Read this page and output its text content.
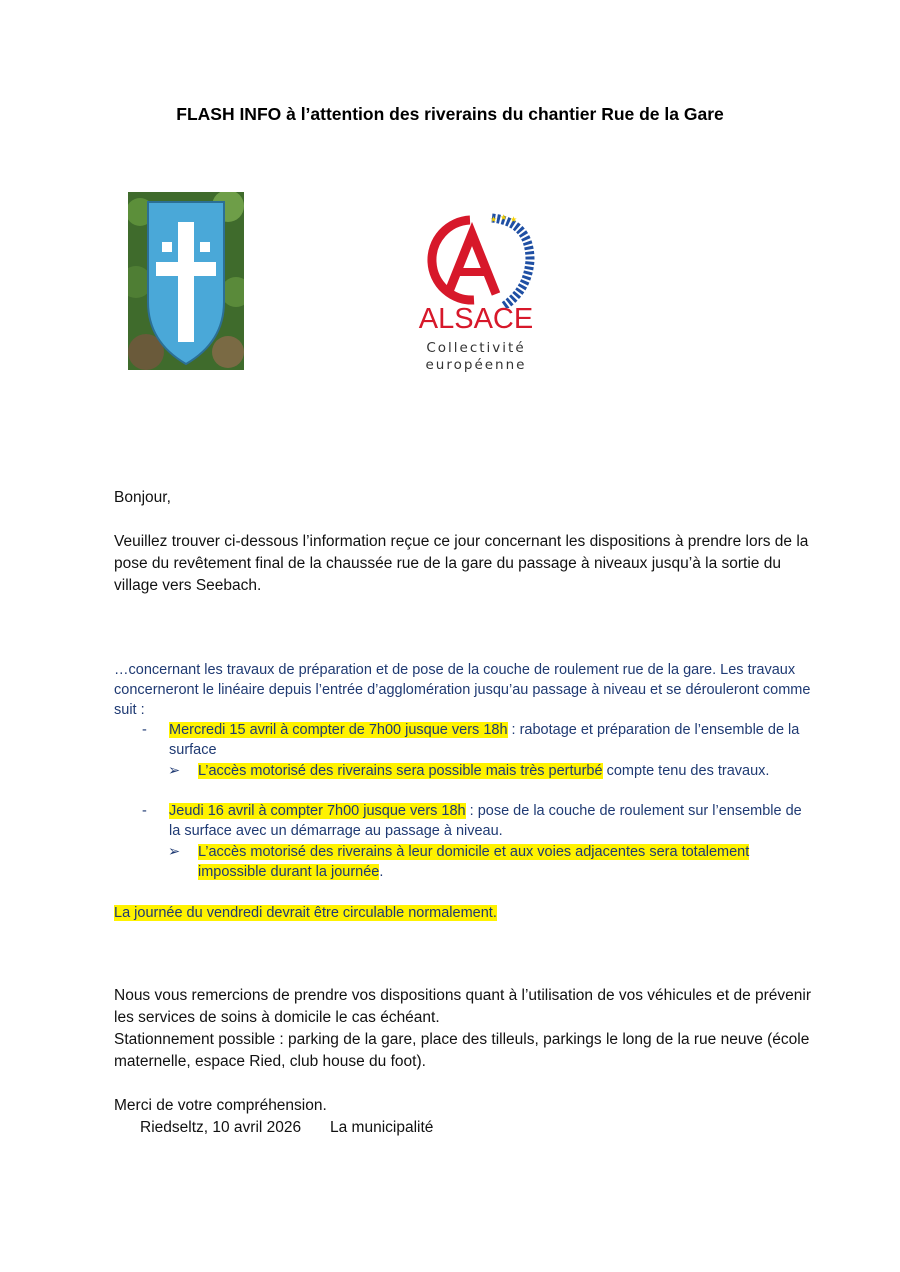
FLASH INFO à l’attention des riverains du chantier Rue de la Gare
★ ★ ★
ALSACE
Collectivité
européenne
Bonjour,
Veuillez trouver ci-dessous l’information reçue ce jour concernant les dispositions à prendre lors de la pose du revêtement final de la chaussée rue de la gare du passage à niveaux jusqu’à la sortie du village vers Seebach.
…concernant les travaux de préparation et de pose de la couche de roulement rue de la gare. Les travaux concerneront le linéaire depuis l’entrée d’agglomération jusqu’au passage à niveau et se dérouleront comme suit :
- Mercredi 15 avril à compter de 7h00 jusque vers 18h : rabotage et préparation de l’ensemble de la surface
➢ L’accès motorisé des riverains sera possible mais très perturbé compte tenu des travaux.
- Jeudi 16 avril à compter 7h00 jusque vers 18h : pose de la couche de roulement sur l’ensemble de la surface avec un démarrage au passage à niveau.
➢ L’accès motorisé des riverains à leur domicile et aux voies adjacentes sera totalement impossible durant la journée.
La journée du vendredi devrait être circulable normalement.
Nous vous remercions de prendre vos dispositions quant à l’utilisation de vos véhicules et de prévenir les services de soins à domicile le cas échéant.
Stationnement possible : parking de la gare, place des tilleuls, parkings le long de la rue neuve (école maternelle, espace Ried, club house du foot).
Merci de votre compréhension.
Riedseltz, 10 avril 2026	La municipalité
